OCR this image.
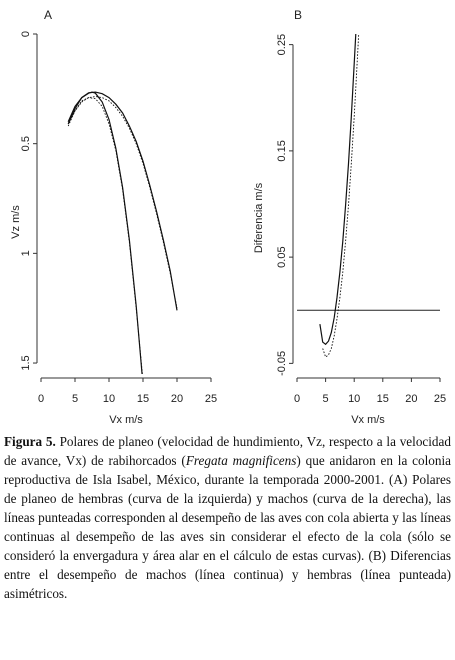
A
Vz m/s
Vx m/s
0
0.5
1
1.5
0	5 10 15 20 25
B
Diferencia m/s
Vx m/s
-0.05
0.05
0.15
0.25
0 5 10 15 20 25

Figura 5. Polares de planeo (velocidad de hundimiento, Vz, respecto a la velocidad de avance, Vx) de rabihorcados (Fregata magnificens) que anidaron en la colonia reproductiva de Isla Isabel, México, durante la temporada 2000-2001. (A) Polares de planeo de hembras (curva de la izquierda) y machos (curva de la derecha), las líneas punteadas corresponden al desempeño de las aves con cola abierta y las líneas continuas al desempeño de las aves sin considerar el efecto de la cola (sólo se consideró la envergadura y área alar en el cálculo de estas curvas). (B) Diferencias entre el desempeño de machos (línea continua) y hembras (línea punteada) asimétricos.
